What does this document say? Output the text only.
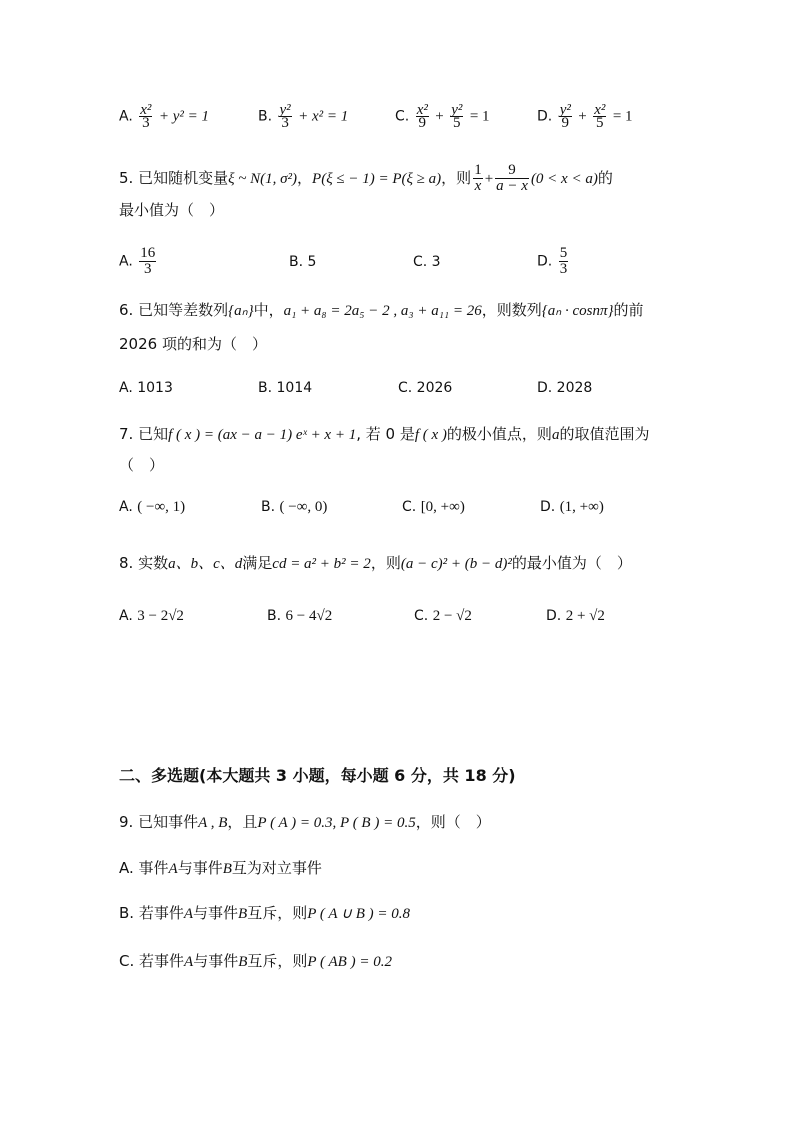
A. $\frac{\text{x²}}{3} + y^2 = 1$	B. $\frac{\text{y²}}{3} + x^2 = 1$	C. $\frac{\text{x²}}{9} + \frac{\text{y²}}{5} = 1$	D. $\frac{\text{y²}}{9} + \frac{\text{x²}}{5} = 1$
5. 已知随机变量ξ ~ N(1, σ²)，P(ξ ≤ − 1) = P(ξ ≥ a)，则 $\frac{1}{x} + \frac{9}{a - x} (0 < x < a)$的
最小值为（　）
A. $\frac{16}{3}$	B. 5	C. 3	D. $\frac{5}{3}$
6. 已知等差数列{aₙ}中，a₁ + a₈ = 2a₅ − 2 , a₃ + a₁₁ = 26，则数列{aₙ · cosnπ}的前
2026 项的和为（　）
A. 1013	B. 1014	C. 2026	D. 2028
7. 已知f ( x ) = (ax − a − 1) eˣ + x + 1, 若 0 是f ( x )的极小值点，则a的取值范围为
（　）
A. ( −∞, 1)	B. ( −∞, 0)	C. [0, +∞)	D. (1, +∞)
8. 实数a、b、c、d满足cd = a² + b² = 2，则(a − c)² + (b − d)²的最小值为（　）
A. 3 − 2√2	B. 6 − 4√2	C. 2 − √2	D. 2 + √2
二、多选题(本大题共 3 小题，每小题 6 分，共 18 分)
9. 已知事件A , B，且P ( A ) = 0.3, P ( B ) = 0.5，则（　）
A. 事件A与事件B互为对立事件
B. 若事件A与事件B互斥，则P ( A ∪ B ) = 0.8
C. 若事件A与事件B互斥，则P ( AB ) = 0.2
